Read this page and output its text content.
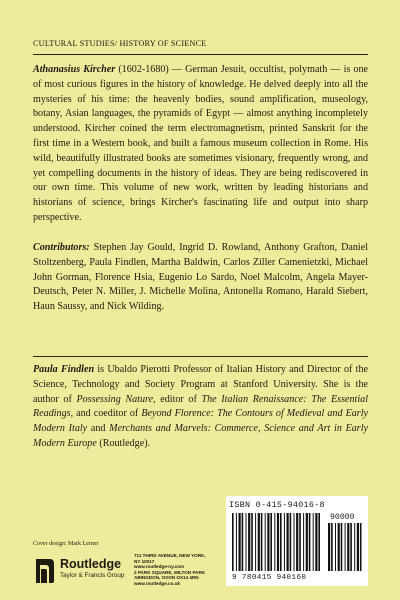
CULTURAL STUDIES/ HISTORY OF SCIENCE
Athanasius Kircher (1602-1680) — German Jesuit, occultist, polymath — is one of most curious figures in the history of knowledge. He delved deeply into all the mysteries of his time: the heavenly bodies, sound amplification, museology, botany, Asian languages, the pyramids of Egypt — almost anything incompletely understood. Kircher coined the term electromagnetism, printed Sanskrit for the first time in a Western book, and built a famous museum collection in Rome. His wild, beautifully illustrated books are sometimes visionary, frequently wrong, and yet compelling documents in the history of ideas. They are being rediscovered in our own time. This volume of new work, written by leading historians and historians of science, brings Kircher's fascinating life and output into sharp perspective.
Contributors: Stephen Jay Gould, Ingrid D. Rowland, Anthony Grafton, Daniel Stoltzenberg, Paula Findlen, Martha Baldwin, Carlos Ziller Camenietzki, Michael John Gorman, Florence Hsia, Eugenio Lo Sardo, Noel Malcolm, Angela Mayer-Deutsch, Peter N. Miller, J. Michelle Molina, Antonella Romano, Harald Siebert, Haun Saussy, and Nick Wilding.
Paula Findlen is Ubaldo Pierotti Professor of Italian History and Director of the Science, Technology and Society Program at Stanford University. She is the author of Possessing Nature, editor of The Italian Renaissance: The Essential Readings, and coeditor of Beyond Florence: The Contours of Medieval and Early Modern Italy and Merchants and Marvels: Commerce, Science and Art in Early Modern Europe (Routledge).
Cover design: Mark Lerner
Routledge
Taylor & Francis Group
711 THIRD AVENUE, NEW YORK, NY 10017
www.routledge-ny.com
2 PARK SQUARE, MILTON PARK
ABINGDON, OXON OX14 4RN
www.routledge.co.uk
ISBN 0-415-94016-8
90000
9 780415 940160
